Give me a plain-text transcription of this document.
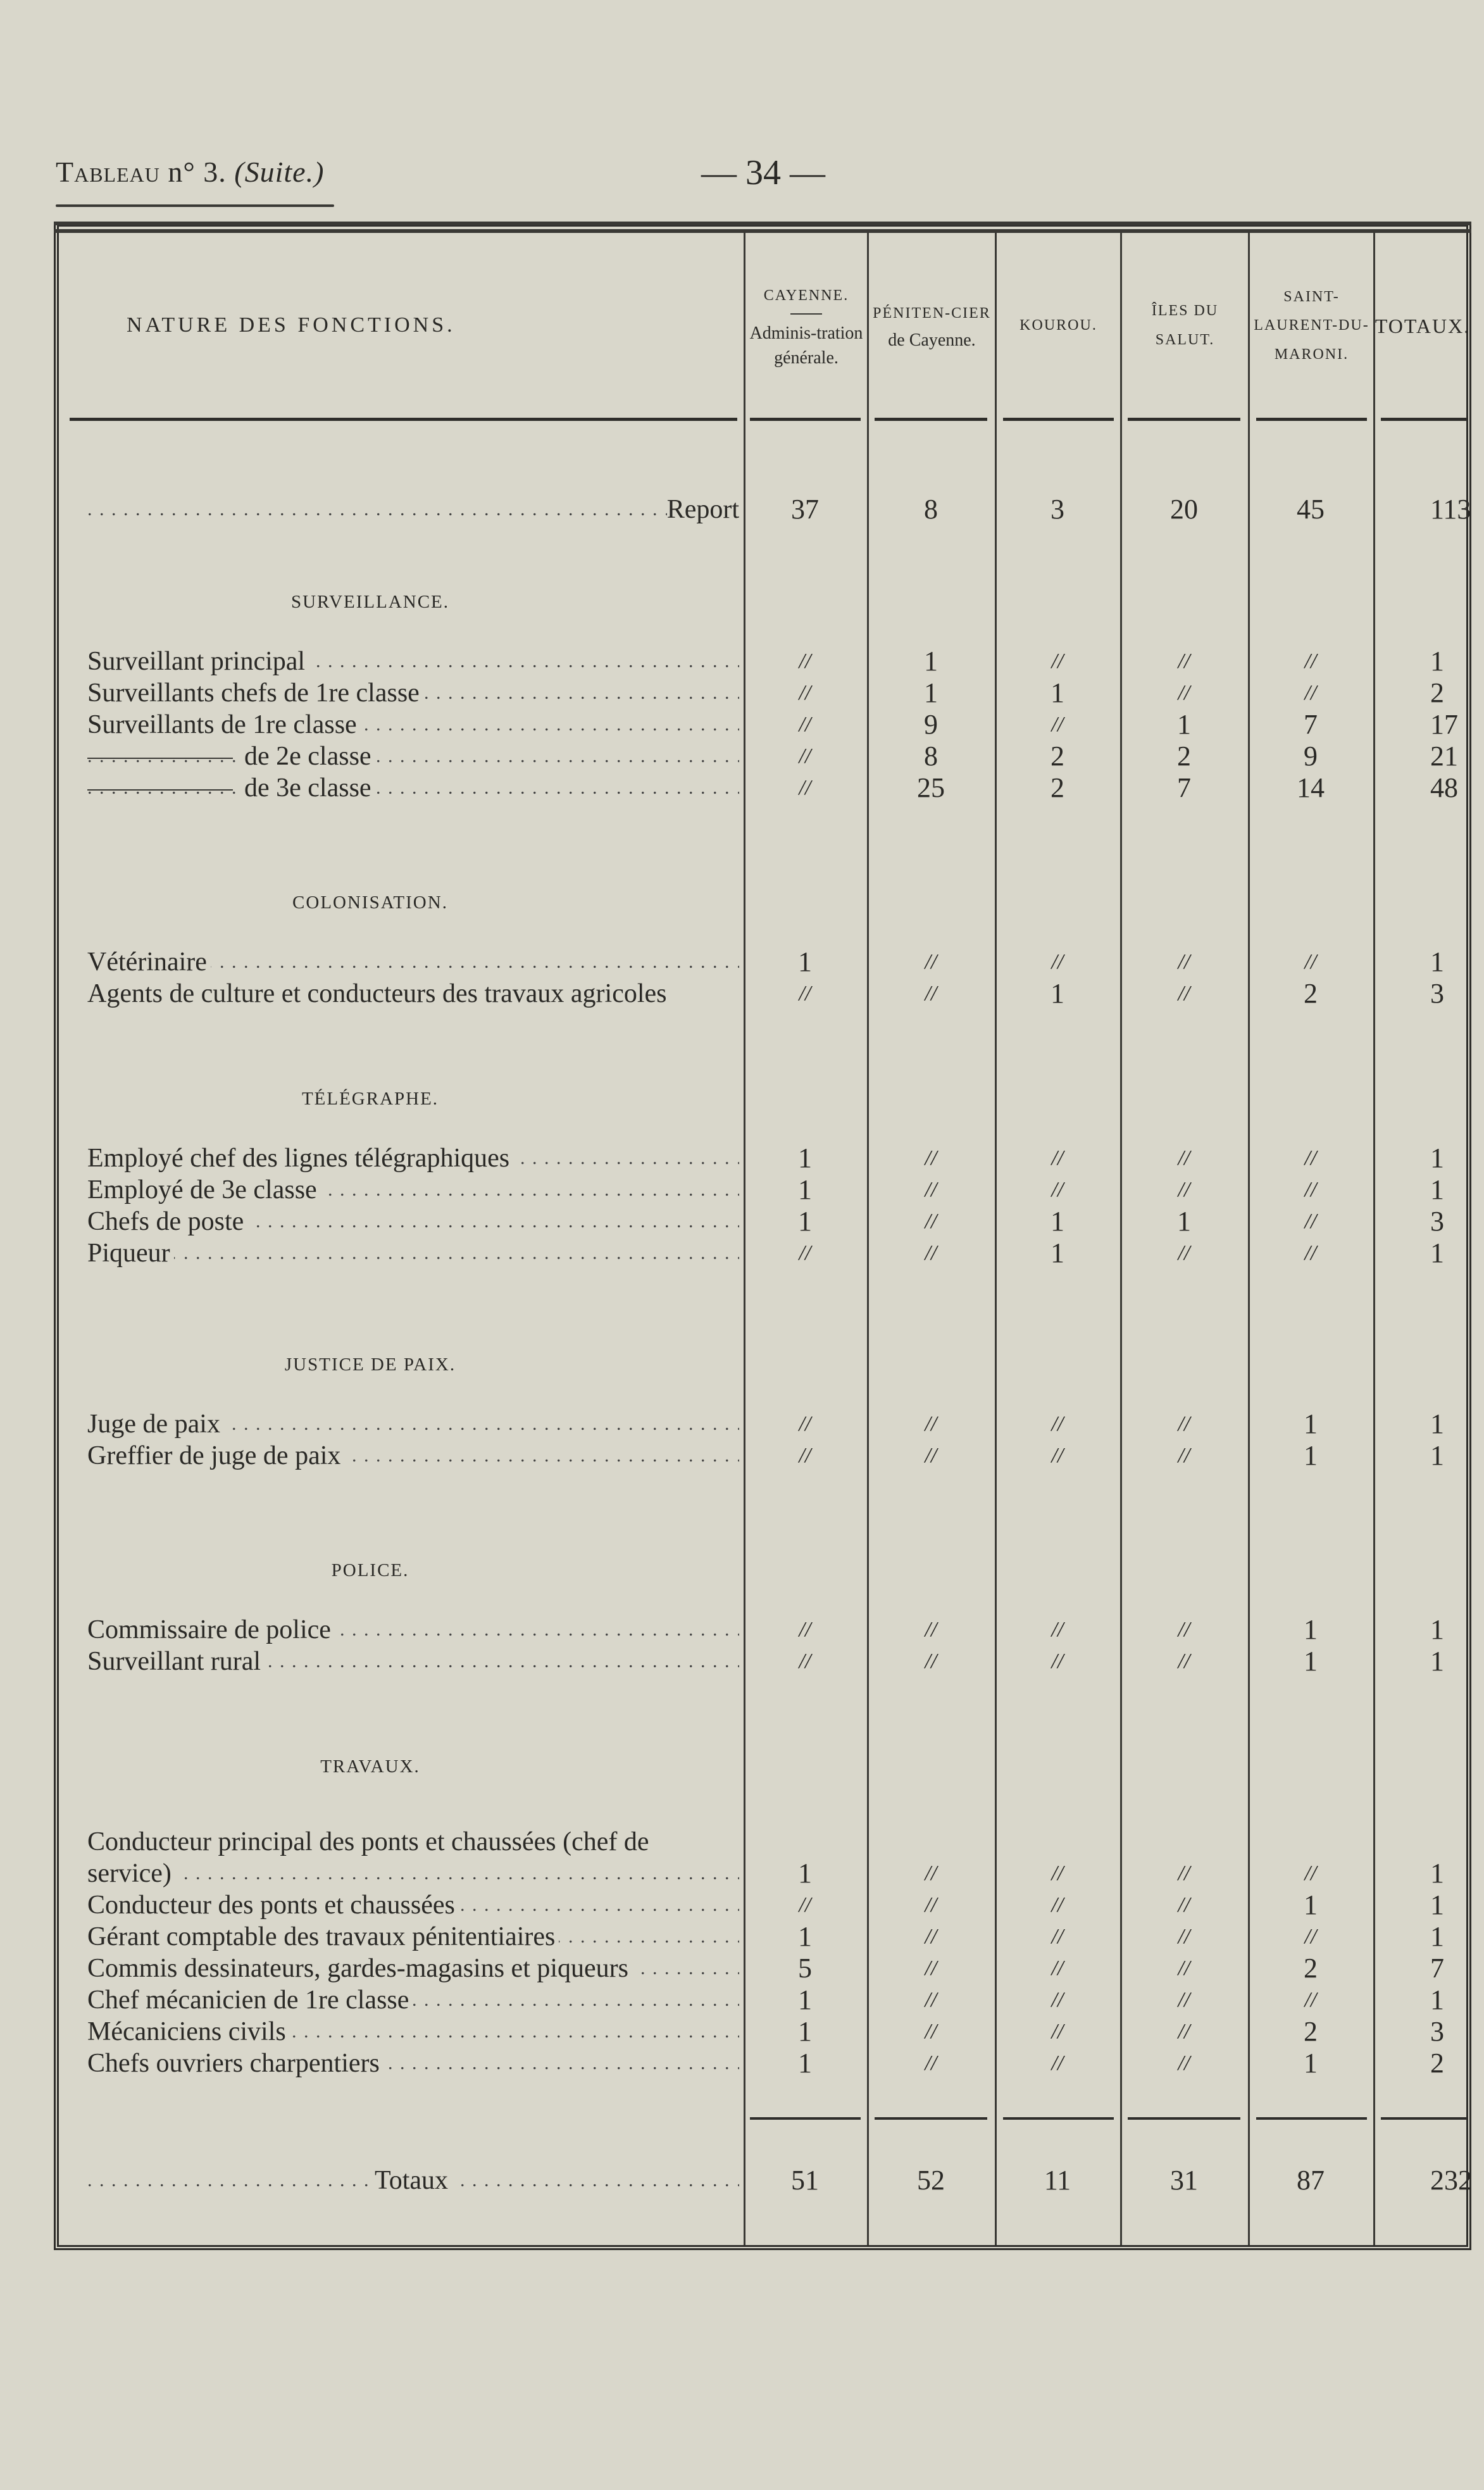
Tableau n° 3. (Suite.)	— 34 —
NATURE DES FONCTIONS.
CAYENNE.
Adminis-tration générale.
PÉNITEN-CIER
de Cayenne.
KOUROU.
ÎLES DU SALUT.
SAINT-LAURENT-DU-MARONI.
TOTAUX.
Report . . .	37	8	3	20	45	113
SURVEILLANCE.
Surveillant principal . . .	//	1	//	//	//	1
Surveillants chefs de 1re classe . . .	//	1	1	//	//	2
Surveillants de 1re classe . . .	//	9	//	1	7	17
de 2e classe . . .	//	8	2	2	9	21
de 3e classe . . .	//	25	2	7	14	48
COLONISATION.
Vétérinaire . . .	1	//	//	//	//	1
Agents de culture et conducteurs des travaux agricoles	//	//	1	//	2	3
TÉLÉGRAPHE.
Employé chef des lignes télégraphiques . . .	1	//	//	//	//	1
Employé de 3e classe . . .	1	//	//	//	//	1
Chefs de poste . . .	1	//	1	1	//	3
Piqueur . . .	//	//	1	//	//	1
JUSTICE DE PAIX.
Juge de paix . . .	//	//	//	//	1	1
Greffier de juge de paix . . .	//	//	//	//	1	1
POLICE.
Commissaire de police . . .	//	//	//	//	1	1
Surveillant rural . . .	//	//	//	//	1	1
TRAVAUX.
Conducteur principal des ponts et chaussées (chef de
service) . . .	1	//	//	//	//	1
Conducteur des ponts et chaussées . . .	//	//	//	//	1	1
Gérant comptable des travaux pénitentiaires . . .	1	//	//	//	//	1
Commis dessinateurs, gardes-magasins et piqueurs . . .	5	//	//	//	2	7
Chef mécanicien de 1re classe . . .	1	//	//	//	//	1
Mécaniciens civils . . .	1	//	//	//	2	3
Chefs ouvriers charpentiers . . .	1	//	//	//	1	2
Totaux . . .	51	52	11	31	87	232
